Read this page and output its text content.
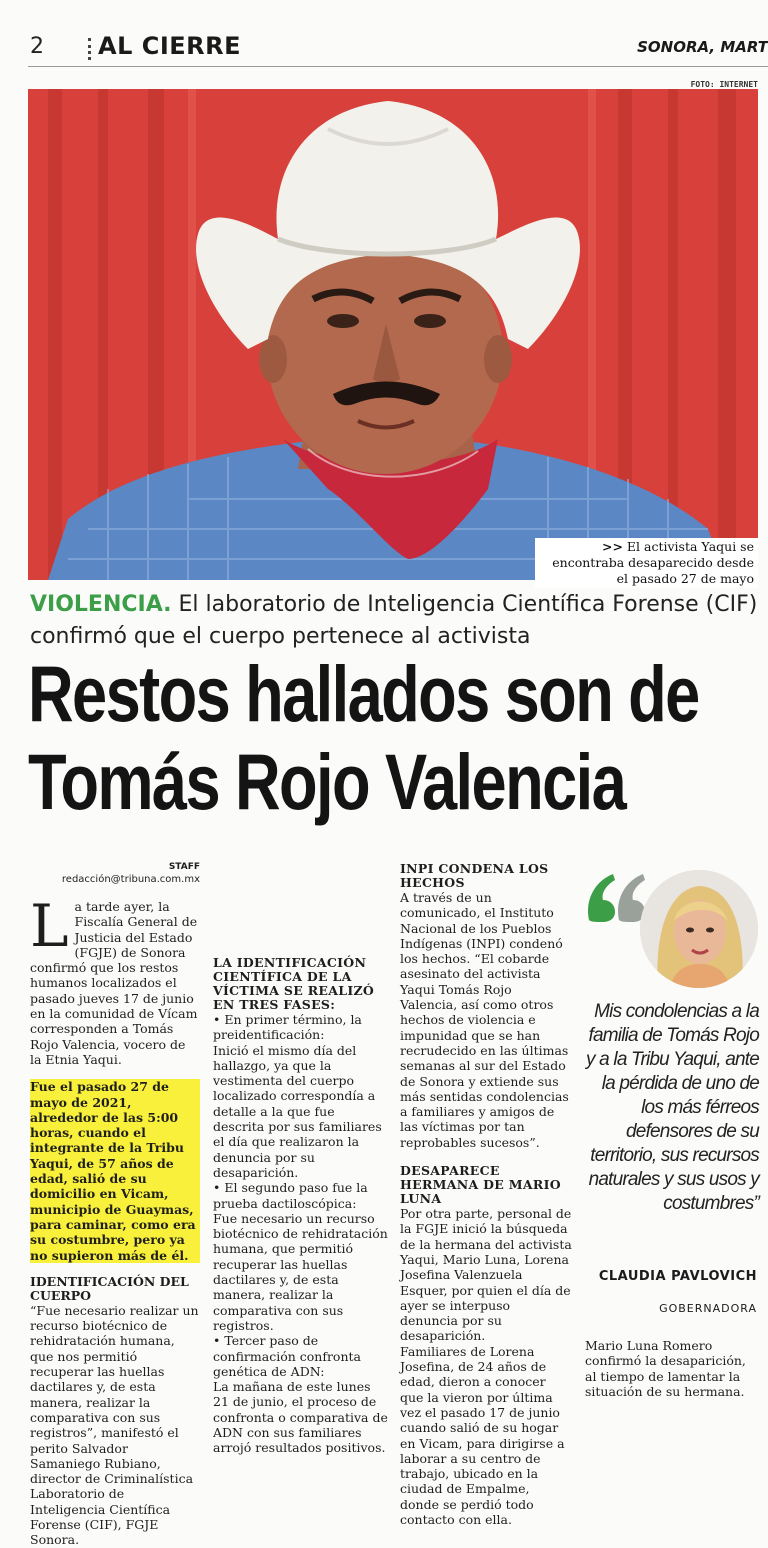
2 AL CIERRE	SONORA, MART
FOTO: INTERNET
>> El activista Yaqui se encontraba desaparecido desde el pasado 27 de mayo
VIOLENCIA. El laboratorio de Inteligencia Científica Forense (CIF) confirmó que el cuerpo pertenece al activista
Restos hallados son de
Tomás Rojo Valencia
STAFF
redacción@tribuna.com.mx

La tarde ayer, la Fiscalía General de Justicia del Estado (FGJE) de Sonora confirmó que los restos humanos localizados el pasado jueves 17 de junio en la comunidad de Vícam corresponden a Tomás Rojo Valencia, vocero de la Etnia Yaqui.

Fue el pasado 27 de mayo de 2021, alrededor de las 5:00 horas, cuando el integrante de la Tribu Yaqui, de 57 años de edad, salió de su domicilio en Vicam, municipio de Guaymas, para caminar, como era su costumbre, pero ya no supieron más de él.

IDENTIFICACIÓN DEL CUERPO

“Fue necesario realizar un recurso biotécnico de rehidratación humana, que nos permitió recuperar las huellas dactilares y, de esta manera, realizar la comparativa con sus registros”, manifestó el perito Salvador Samaniego Rubiano, director de Criminalística Laboratorio de Inteligencia Científica Forense (CIF), FGJE Sonora.

LA IDENTIFICACIÓN CIENTÍFICA DE LA VÍCTIMA SE REALIZÓ EN TRES FASES:

• En primer término, la preidentificación:

Inició el mismo día del hallazgo, ya que la vestimenta del cuerpo localizado correspondía a detalle a la que fue descrita por sus familiares el día que realizaron la denuncia por su desaparición.

• El segundo paso fue la prueba dactiloscópica:

Fue necesario un recurso biotécnico de rehidratación humana, que permitió recuperar las huellas dactilares y, de esta manera, realizar la comparativa con sus registros.

• Tercer paso de confirmación confronta genética de ADN:

La mañana de este lunes 21 de junio, el proceso de confronta o comparativa de ADN con sus familiares arrojó resultados positivos.

INPI CONDENA LOS HECHOS

A través de un comunicado, el Instituto Nacional de los Pueblos Indígenas (INPI) condenó los hechos. “El cobarde asesinato del activista Yaqui Tomás Rojo Valencia, así como otros hechos de violencia e impunidad que se han recrudecido en las últimas semanas al sur del Estado de Sonora y extiende sus más sentidas condolencias a familiares y amigos de las víctimas por tan reprobables sucesos”.

DESAPARECE HERMANA DE MARIO LUNA

Por otra parte, personal de la FGJE inició la búsqueda de la hermana del activista Yaqui, Mario Luna, Lorena Josefina Valenzuela Esquer, por quien el día de ayer se interpuso denuncia por su desaparición.

Familiares de Lorena Josefina, de 24 años de edad, dieron a conocer que la vieron por última vez el pasado 17 de junio cuando salió de su hogar en Vicam, para dirigirse a laborar a su centro de trabajo, ubicado en la ciudad de Empalme, donde se perdió todo contacto con ella.

Mis condolencias a la familia de Tomás Rojo y a la Tribu Yaqui, ante la pérdida de uno de los más férreos defensores de su territorio, sus recursos naturales y sus usos y costumbres”
CLAUDIA PAVLOVICH
GOBERNADORA

Mario Luna Romero confirmó la desaparición, al tiempo de lamentar la situación de su hermana.
